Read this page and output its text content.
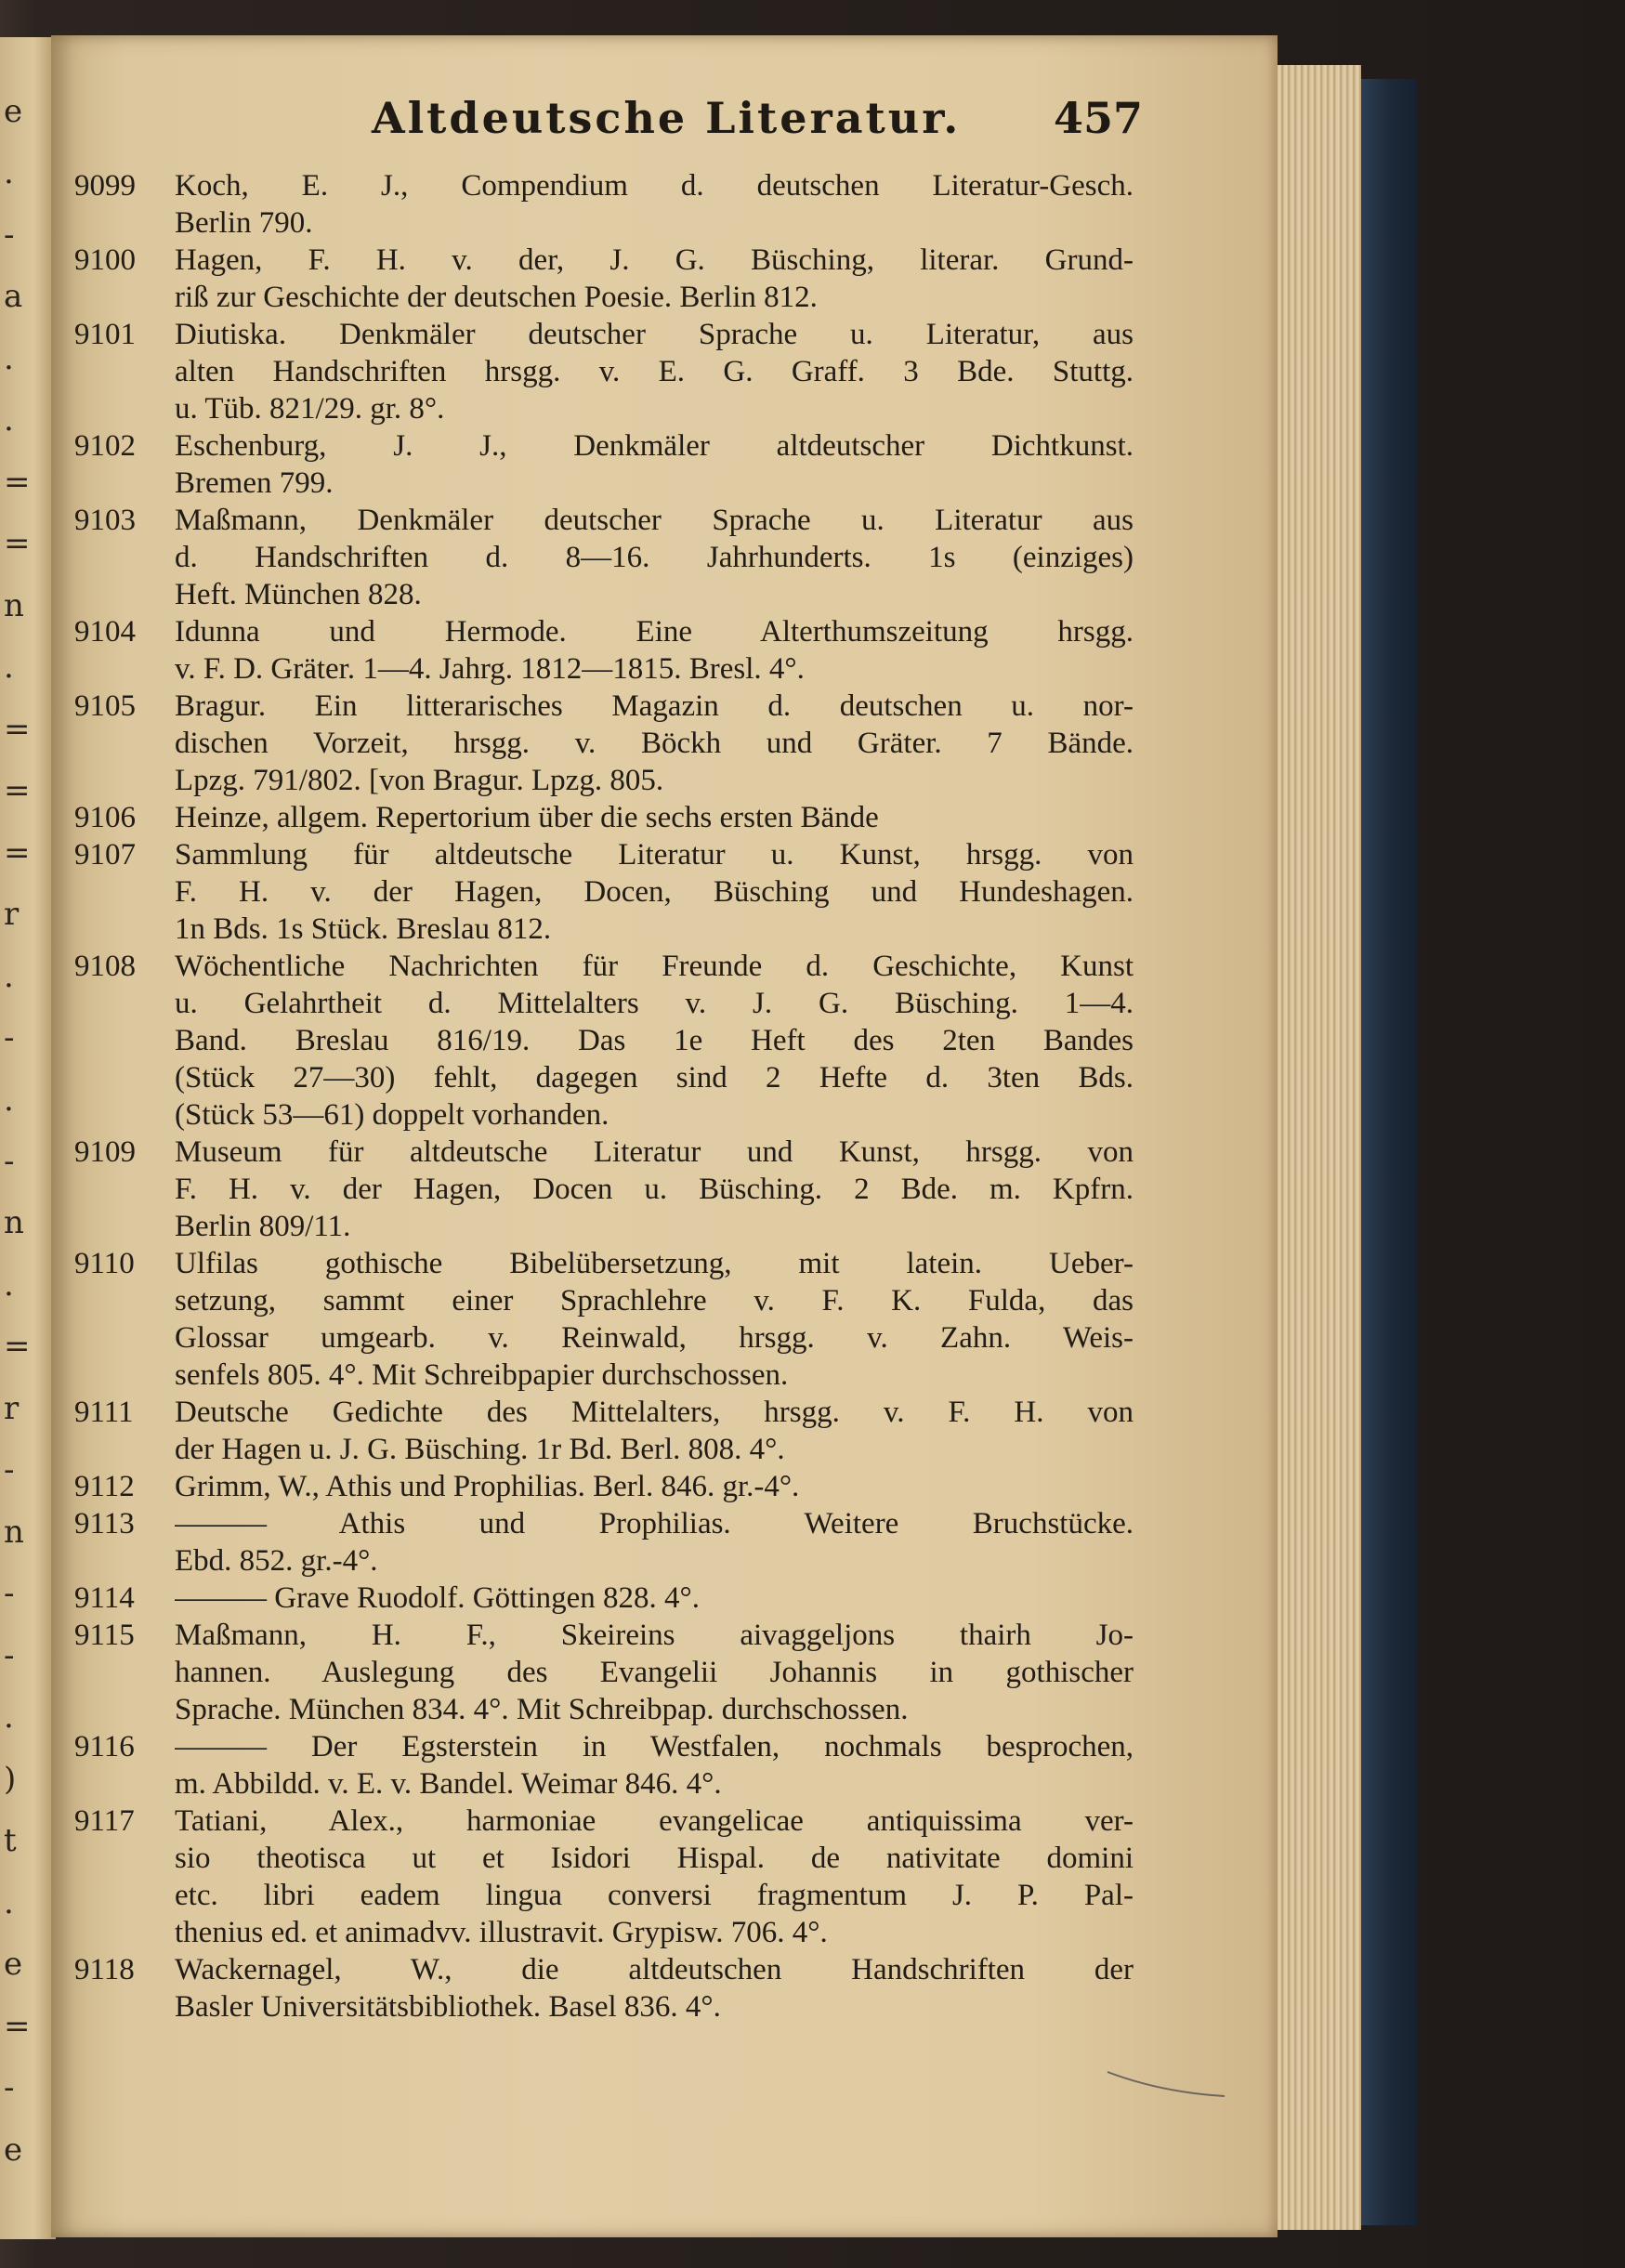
e
.
-
a
.
.
=
=
n
.
=
=
=
r
.
-
.
-
n
.
=
r
-
n
-
-
.
)
t
.
e
=
-
e
Altdeutsche Literatur. 457
9099	Koch, E. J., Compendium d. deutschen Literatur-Gesch.
Berlin 790.
9100	Hagen, F. H. v. der, J. G. Büsching, literar. Grund-
riß zur Geschichte der deutschen Poesie. Berlin 812.
9101	Diutiska. Denkmäler deutscher Sprache u. Literatur, aus
alten Handschriften hrsgg. v. E. G. Graff. 3 Bde. Stuttg.
u. Tüb. 821/29. gr. 8°.
9102	Eschenburg, J. J., Denkmäler altdeutscher Dichtkunst.
Bremen 799.
9103	Maßmann, Denkmäler deutscher Sprache u. Literatur aus
d. Handschriften d. 8—16. Jahrhunderts. 1s (einziges)
Heft. München 828.
9104	Idunna und Hermode. Eine Alterthumszeitung hrsgg.
v. F. D. Gräter. 1—4. Jahrg. 1812—1815. Bresl. 4°.
9105	Bragur. Ein litterarisches Magazin d. deutschen u. nor-
dischen Vorzeit, hrsgg. v. Böckh und Gräter. 7 Bände.
Lpzg. 791/802. [von Bragur. Lpzg. 805.
9106	Heinze, allgem. Repertorium über die sechs ersten Bände
9107	Sammlung für altdeutsche Literatur u. Kunst, hrsgg. von
F. H. v. der Hagen, Docen, Büsching und Hundeshagen.
1n Bds. 1s Stück. Breslau 812.
9108	Wöchentliche Nachrichten für Freunde d. Geschichte, Kunst
u. Gelahrtheit d. Mittelalters v. J. G. Büsching. 1—4.
Band. Breslau 816/19. Das 1e Heft des 2ten Bandes
(Stück 27—30) fehlt, dagegen sind 2 Hefte d. 3ten Bds.
(Stück 53—61) doppelt vorhanden.
9109	Museum für altdeutsche Literatur und Kunst, hrsgg. von
F. H. v. der Hagen, Docen u. Büsching. 2 Bde. m. Kpfrn.
Berlin 809/11.
9110	Ulfilas gothische Bibelübersetzung, mit latein. Ueber-
setzung, sammt einer Sprachlehre v. F. K. Fulda, das
Glossar umgearb. v. Reinwald, hrsgg. v. Zahn. Weis-
senfels 805. 4°. Mit Schreibpapier durchschossen.
9111	Deutsche Gedichte des Mittelalters, hrsgg. v. F. H. von
der Hagen u. J. G. Büsching. 1r Bd. Berl. 808. 4°.
9112	Grimm, W., Athis und Prophilias. Berl. 846. gr.-4°.
9113	——— Athis und Prophilias. Weitere Bruchstücke.
Ebd. 852. gr.-4°.
9114	——— Grave Ruodolf. Göttingen 828. 4°.
9115	Maßmann, H. F., Skeireins aivaggeljons thairh Jo-
hannen. Auslegung des Evangelii Johannis in gothischer
Sprache. München 834. 4°. Mit Schreibpap. durchschossen.
9116	——— Der Egsterstein in Westfalen, nochmals besprochen,
m. Abbildd. v. E. v. Bandel. Weimar 846. 4°.
9117	Tatiani, Alex., harmoniae evangelicae antiquissima ver-
sio theotisca ut et Isidori Hispal. de nativitate domini
etc. libri eadem lingua conversi fragmentum J. P. Pal-
thenius ed. et animadvv. illustravit. Grypisw. 706. 4°.
9118	Wackernagel, W., die altdeutschen Handschriften der
Basler Universitätsbibliothek. Basel 836. 4°.
